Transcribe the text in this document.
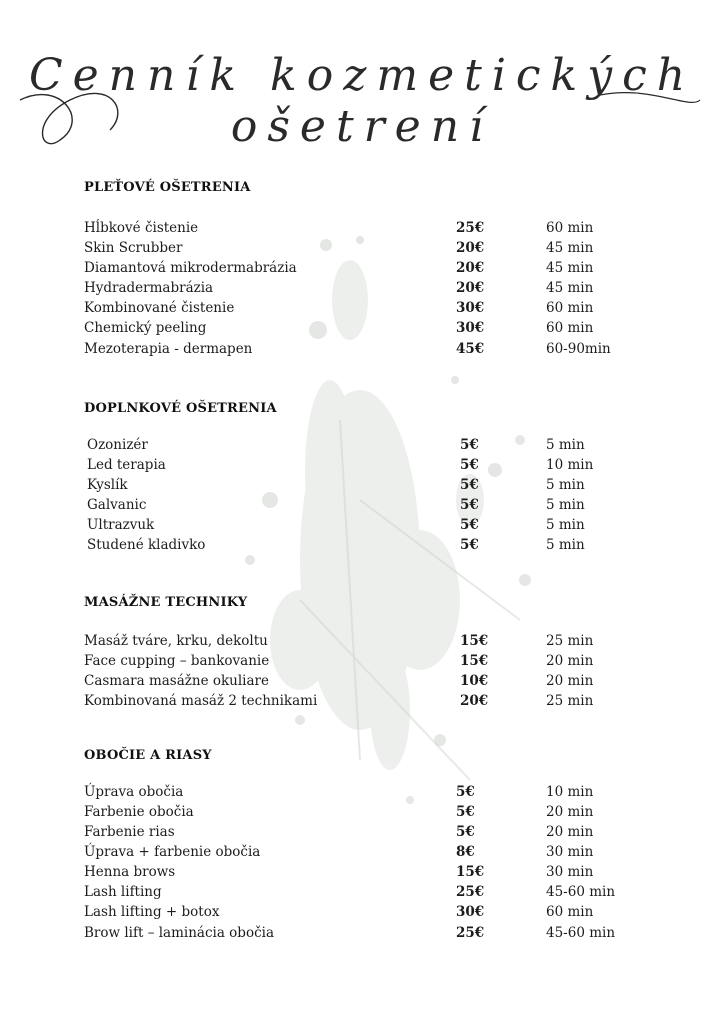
Cenník kozmetických ošetrení
PLEŤOVÉ OŠETRENIA
Hĺbkové čistenie	25€	60 min
Skin Scrubber	20€	45 min
Diamantová mikrodermabrázia	20€	45 min
Hydradermabrázia	20€	45 min
Kombinované čistenie	30€	60 min
Chemický peeling	30€	60 min
Mezoterapia - dermapen	45€	60-90min
DOPLNKOVÉ OŠETRENIA
Ozonizér	5€	5 min
Led terapia	5€	10 min
Kyslík	5€	5 min
Galvanic	5€	5 min
Ultrazvuk	5€	5 min
Studené kladivko	5€	5 min
MASÁŽNE TECHNIKY
Masáž tváre, krku, dekoltu	15€	25 min
Face cupping – bankovanie	15€	20 min
Casmara masážne okuliare	10€	20 min
Kombinovaná masáž 2 technikami	20€	25 min
OBOČIE A RIASY
Úprava obočia	5€	10 min
Farbenie obočia	5€	20 min
Farbenie rias	5€	20 min
Úprava + farbenie obočia	8€	30 min
Henna brows	15€	30 min
Lash lifting	25€	45-60 min
Lash lifting + botox	30€	60 min
Brow lift – laminácia obočia	25€	45-60 min
